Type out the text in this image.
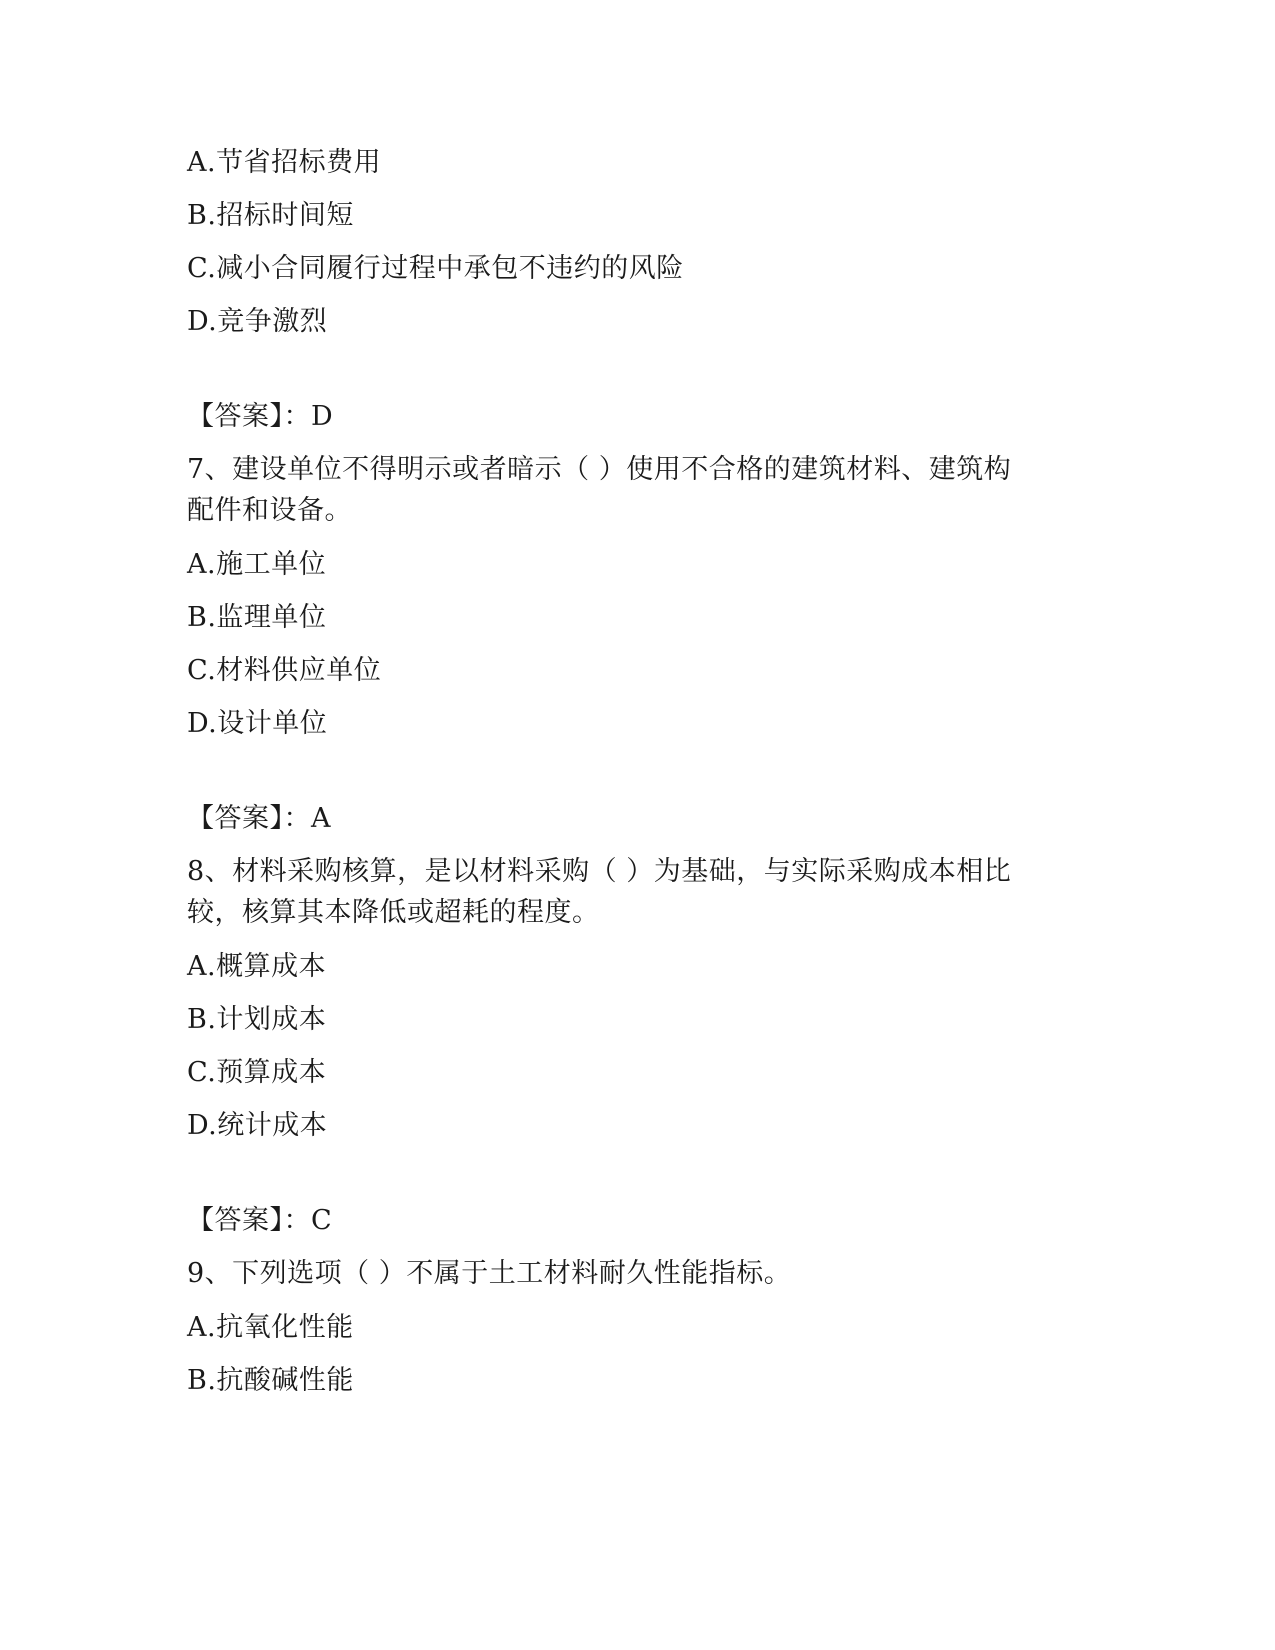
A.节省招标费用
B.招标时间短
C.减小合同履行过程中承包不违约的风险
D.竞争激烈
【答案】：D
7、建设单位不得明示或者暗示（ ）使用不合格的建筑材料、建筑构
配件和设备。
A.施工单位
B.监理单位
C.材料供应单位
D.设计单位
【答案】：A
8、材料采购核算，是以材料采购（ ）为基础，与实际采购成本相比
较，核算其本降低或超耗的程度。
A.概算成本
B.计划成本
C.预算成本
D.统计成本
【答案】：C
9、下列选项（ ）不属于土工材料耐久性能指标。
A.抗氧化性能
B.抗酸碱性能
